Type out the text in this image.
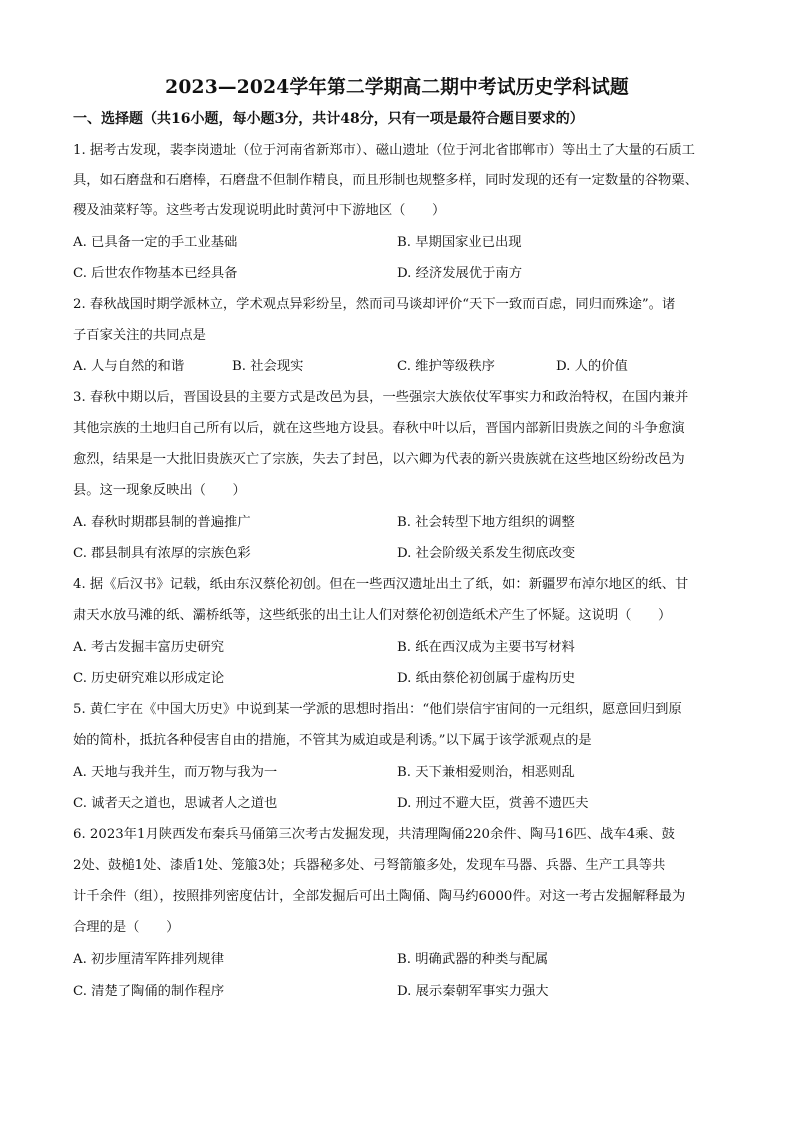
2023—2024学年第二学期高二期中考试历史学科试题
一、选择题（共16小题，每小题3分，共计48分，只有一项是最符合题目要求的）
1. 据考古发现，裴李岗遗址（位于河南省新郑市）、磁山遗址（位于河北省邯郸市）等出土了大量的石质工
具，如石磨盘和石磨棒，石磨盘不但制作精良，而且形制也规整多样，同时发现的还有一定数量的谷物粟、
稷及油菜籽等。这些考古发现说明此时黄河中下游地区（　　）
A. 已具备一定的手工业基础	B. 早期国家业已出现
C. 后世农作物基本已经具备	D. 经济发展优于南方
2. 春秋战国时期学派林立，学术观点异彩纷呈，然而司马谈却评价“天下一致而百虑，同归而殊途”。诸
子百家关注的共同点是
A. 人与自然的和谐	B. 社会现实	C. 维护等级秩序	D. 人的价值
3. 春秋中期以后，晋国设县的主要方式是改邑为县，一些强宗大族依仗军事实力和政治特权，在国内兼并
其他宗族的土地归自己所有以后，就在这些地方设县。春秋中叶以后，晋国内部新旧贵族之间的斗争愈演
愈烈，结果是一大批旧贵族灭亡了宗族，失去了封邑，以六卿为代表的新兴贵族就在这些地区纷纷改邑为
县。这一现象反映出（　　）
A. 春秋时期郡县制的普遍推广	B. 社会转型下地方组织的调整
C. 郡县制具有浓厚的宗族色彩	D. 社会阶级关系发生彻底改变
4. 据《后汉书》记载，纸由东汉蔡伦初创。但在一些西汉遗址出土了纸，如：新疆罗布淖尔地区的纸、甘
肃天水放马滩的纸、灞桥纸等，这些纸张的出土让人们对蔡伦初创造纸术产生了怀疑。这说明（　　）
A. 考古发掘丰富历史研究	B. 纸在西汉成为主要书写材料
C. 历史研究难以形成定论	D. 纸由蔡伦初创属于虚构历史
5. 黄仁宇在《中国大历史》中说到某一学派的思想时指出：“他们崇信宇宙间的一元组织，愿意回归到原
始的简朴，抵抗各种侵害自由的措施，不管其为威迫或是利诱。”以下属于该学派观点的是
A. 天地与我并生，而万物与我为一	B. 天下兼相爱则治，相恶则乱
C. 诚者天之道也，思诚者人之道也	D. 刑过不避大臣，赏善不遗匹夫
6. 2023年1月陕西发布秦兵马俑第三次考古发掘发现，共清理陶俑220余件、陶马16匹、战车4乘、鼓
2处、鼓槌1处、漆盾1处、笼箙3处；兵器秘多处、弓弩箭箙多处，发现车马器、兵器、生产工具等共
计千余件（组），按照排列密度估计，全部发掘后可出土陶俑、陶马约6000件。对这一考古发掘解释最为
合理的是（　　）
A. 初步厘清军阵排列规律	B. 明确武器的种类与配属
C. 清楚了陶俑的制作程序	D. 展示秦朝军事实力强大
